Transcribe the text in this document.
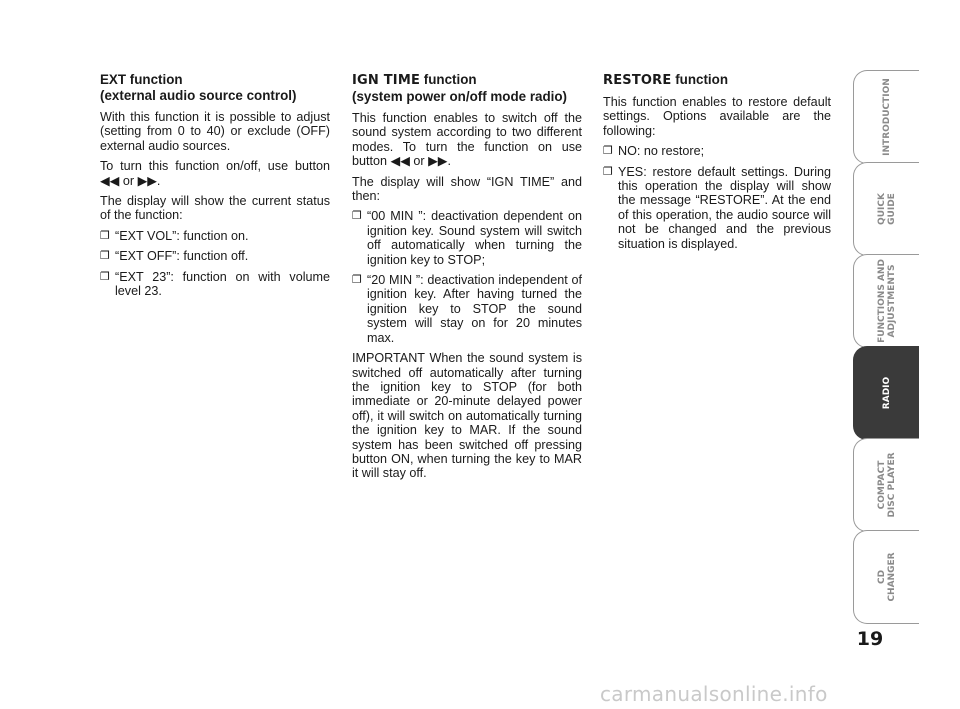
EXT function
(external audio source control)

With this function it is possible to adjust (setting from 0 to 40) or exclude (OFF) external audio sources.

To turn this function on/off, use button ◀◀ or ▶▶.

The display will show the current status of the function:

❐ “EXT VOL”: function on.
❐ “EXT OFF”: function off.
❐ “EXT 23”: function on with volume level 23.
IGN TIME function
(system power on/off mode radio)

This function enables to switch off the sound system according to two different modes. To turn the function on use button ◀◀ or ▶▶.

The display will show “IGN TIME” and then:

❐ “00 MIN ”: deactivation dependent on ignition key. Sound system will switch off automatically when turning the ignition key to STOP;
❐ “20 MIN ”: deactivation independent of ignition key. After having turned the ignition key to STOP the sound system will stay on for 20 minutes max.

IMPORTANT When the sound system is switched off automatically after turning the ignition key to STOP (for both immediate or 20-minute delayed power off), it will switch on automatically turning the ignition key to MAR. If the sound system has been switched off pressing button ON, when turning the key to MAR it will stay off.

RESTORE function

This function enables to restore default settings. Options available are the following:

❐ NO: no restore;
❐ YES: restore default settings. During this operation the display will show the message “RESTORE”. At the end of this operation, the audio source will not be changed and the previous situation is displayed.
INTRODUCTION
QUICK
GUIDE
FUNCTIONS AND
ADJUSTMENTS
RADIO
COMPACT
DISC PLAYER
CD
CHANGER
19
carmanualsonline.info
